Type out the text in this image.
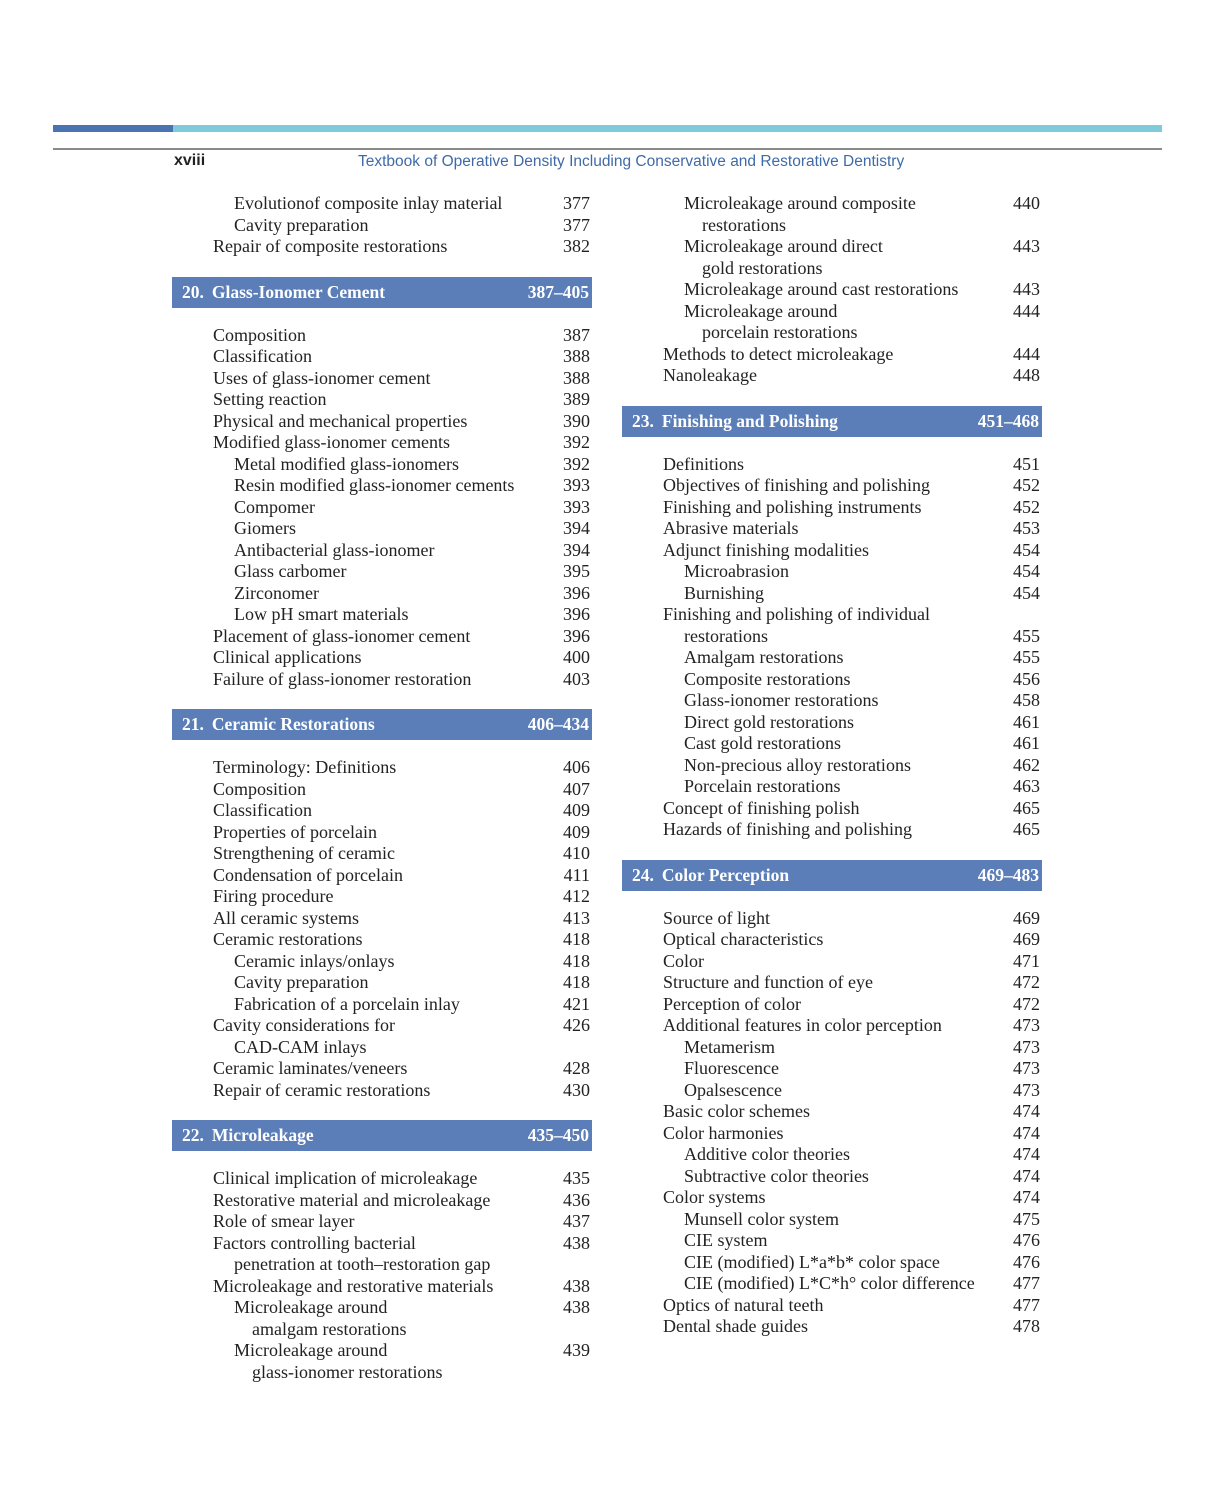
xviii	Textbook of Operative Density Including Conservative and Restorative Dentistry
Evolutionof composite inlay material	377
Cavity preparation	377
Repair of composite restorations	382
20. Glass-Ionomer Cement	387–405
Composition	387
Classification	388
Uses of glass-ionomer cement	388
Setting reaction	389
Physical and mechanical properties	390
Modified glass-ionomer cements	392
Metal modified glass-ionomers	392
Resin modified glass-ionomer cements	393
Compomer	393
Giomers	394
Antibacterial glass-ionomer	394
Glass carbomer	395
Zirconomer	396
Low pH smart materials	396
Placement of glass-ionomer cement	396
Clinical applications	400
Failure of glass-ionomer restoration	403
21. Ceramic Restorations	406–434
Terminology: Definitions	406
Composition	407
Classification	409
Properties of porcelain	409
Strengthening of ceramic	410
Condensation of porcelain	411
Firing procedure	412
All ceramic systems	413
Ceramic restorations	418
Ceramic inlays/onlays	418
Cavity preparation	418
Fabrication of a porcelain inlay	421
Cavity considerations for	426
CAD-CAM inlays
Ceramic laminates/veneers	428
Repair of ceramic restorations	430
22. Microleakage	435–450
Clinical implication of microleakage	435
Restorative material and microleakage	436
Role of smear layer	437
Factors controlling bacterial	438
penetration at tooth–restoration gap
Microleakage and restorative materials	438
Microleakage around	438
amalgam restorations
Microleakage around	439
glass-ionomer restorations
Microleakage around composite	440
restorations
Microleakage around direct	443
gold restorations
Microleakage around cast restorations	443
Microleakage around	444
porcelain restorations
Methods to detect microleakage	444
Nanoleakage	448
23. Finishing and Polishing	451–468
Definitions	451
Objectives of finishing and polishing	452
Finishing and polishing instruments	452
Abrasive materials	453
Adjunct finishing modalities	454
Microabrasion	454
Burnishing	454
Finishing and polishing of individual
restorations	455
Amalgam restorations	455
Composite restorations	456
Glass-ionomer restorations	458
Direct gold restorations	461
Cast gold restorations	461
Non-precious alloy restorations	462
Porcelain restorations	463
Concept of finishing polish	465
Hazards of finishing and polishing	465
24. Color Perception	469–483
Source of light	469
Optical characteristics	469
Color	471
Structure and function of eye	472
Perception of color	472
Additional features in color perception	473
Metamerism	473
Fluorescence	473
Opalsescence	473
Basic color schemes	474
Color harmonies	474
Additive color theories	474
Subtractive color theories	474
Color systems	474
Munsell color system	475
CIE system	476
CIE (modified) L*a*b* color space	476
CIE (modified) L*C*h° color difference	477
Optics of natural teeth	477
Dental shade guides	478
